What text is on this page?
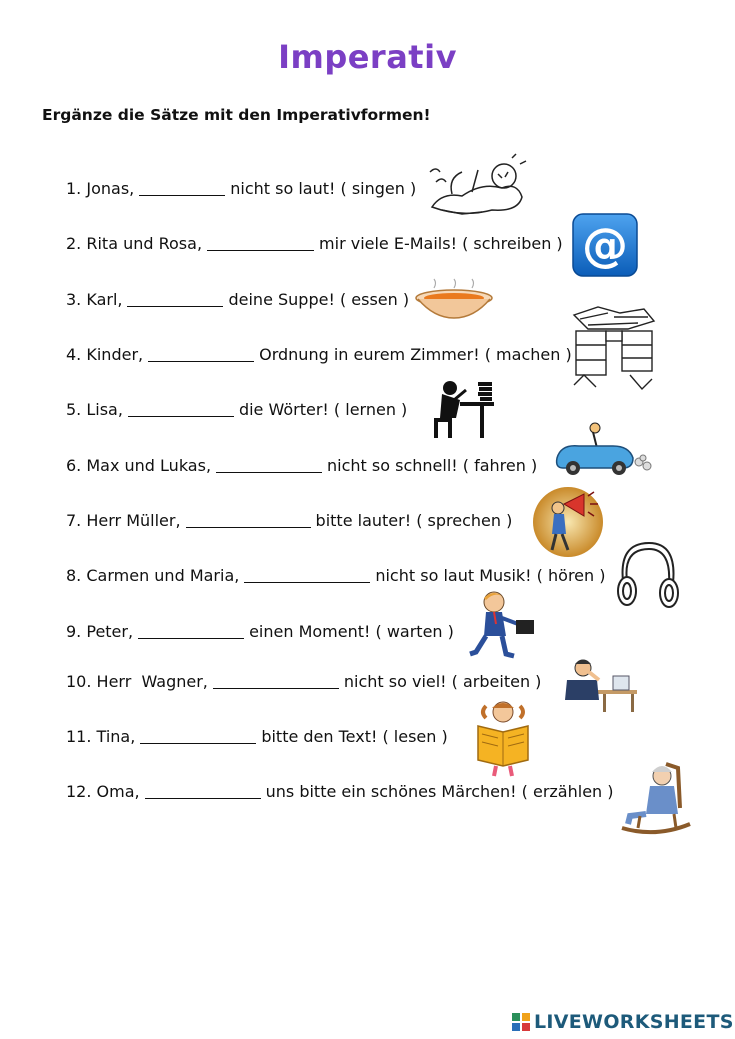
Imperativ
Ergänze die Sätze mit den Imperativformen!
1. Jonas,	nicht so laut! ( singen )
2. Rita und Rosa,	mir viele E-Mails! ( schreiben )
3. Karl,	deine Suppe! ( essen )
4. Kinder,	Ordnung in eurem Zimmer! ( machen )
5. Lisa,	die Wörter! ( lernen )
6. Max und Lukas,	nicht so schnell! ( fahren )
7. Herr Müller,	bitte lauter! ( sprechen )
8. Carmen und Maria,	nicht so laut Musik! ( hören )
9. Peter,	einen Moment! ( warten )
10. Herr  Wagner,	nicht so viel! ( arbeiten )
11. Tina,	bitte den Text! ( lesen )
12. Oma,	uns bitte ein schönes Märchen! ( erzählen )
@
LIVEWORKSHEETS
